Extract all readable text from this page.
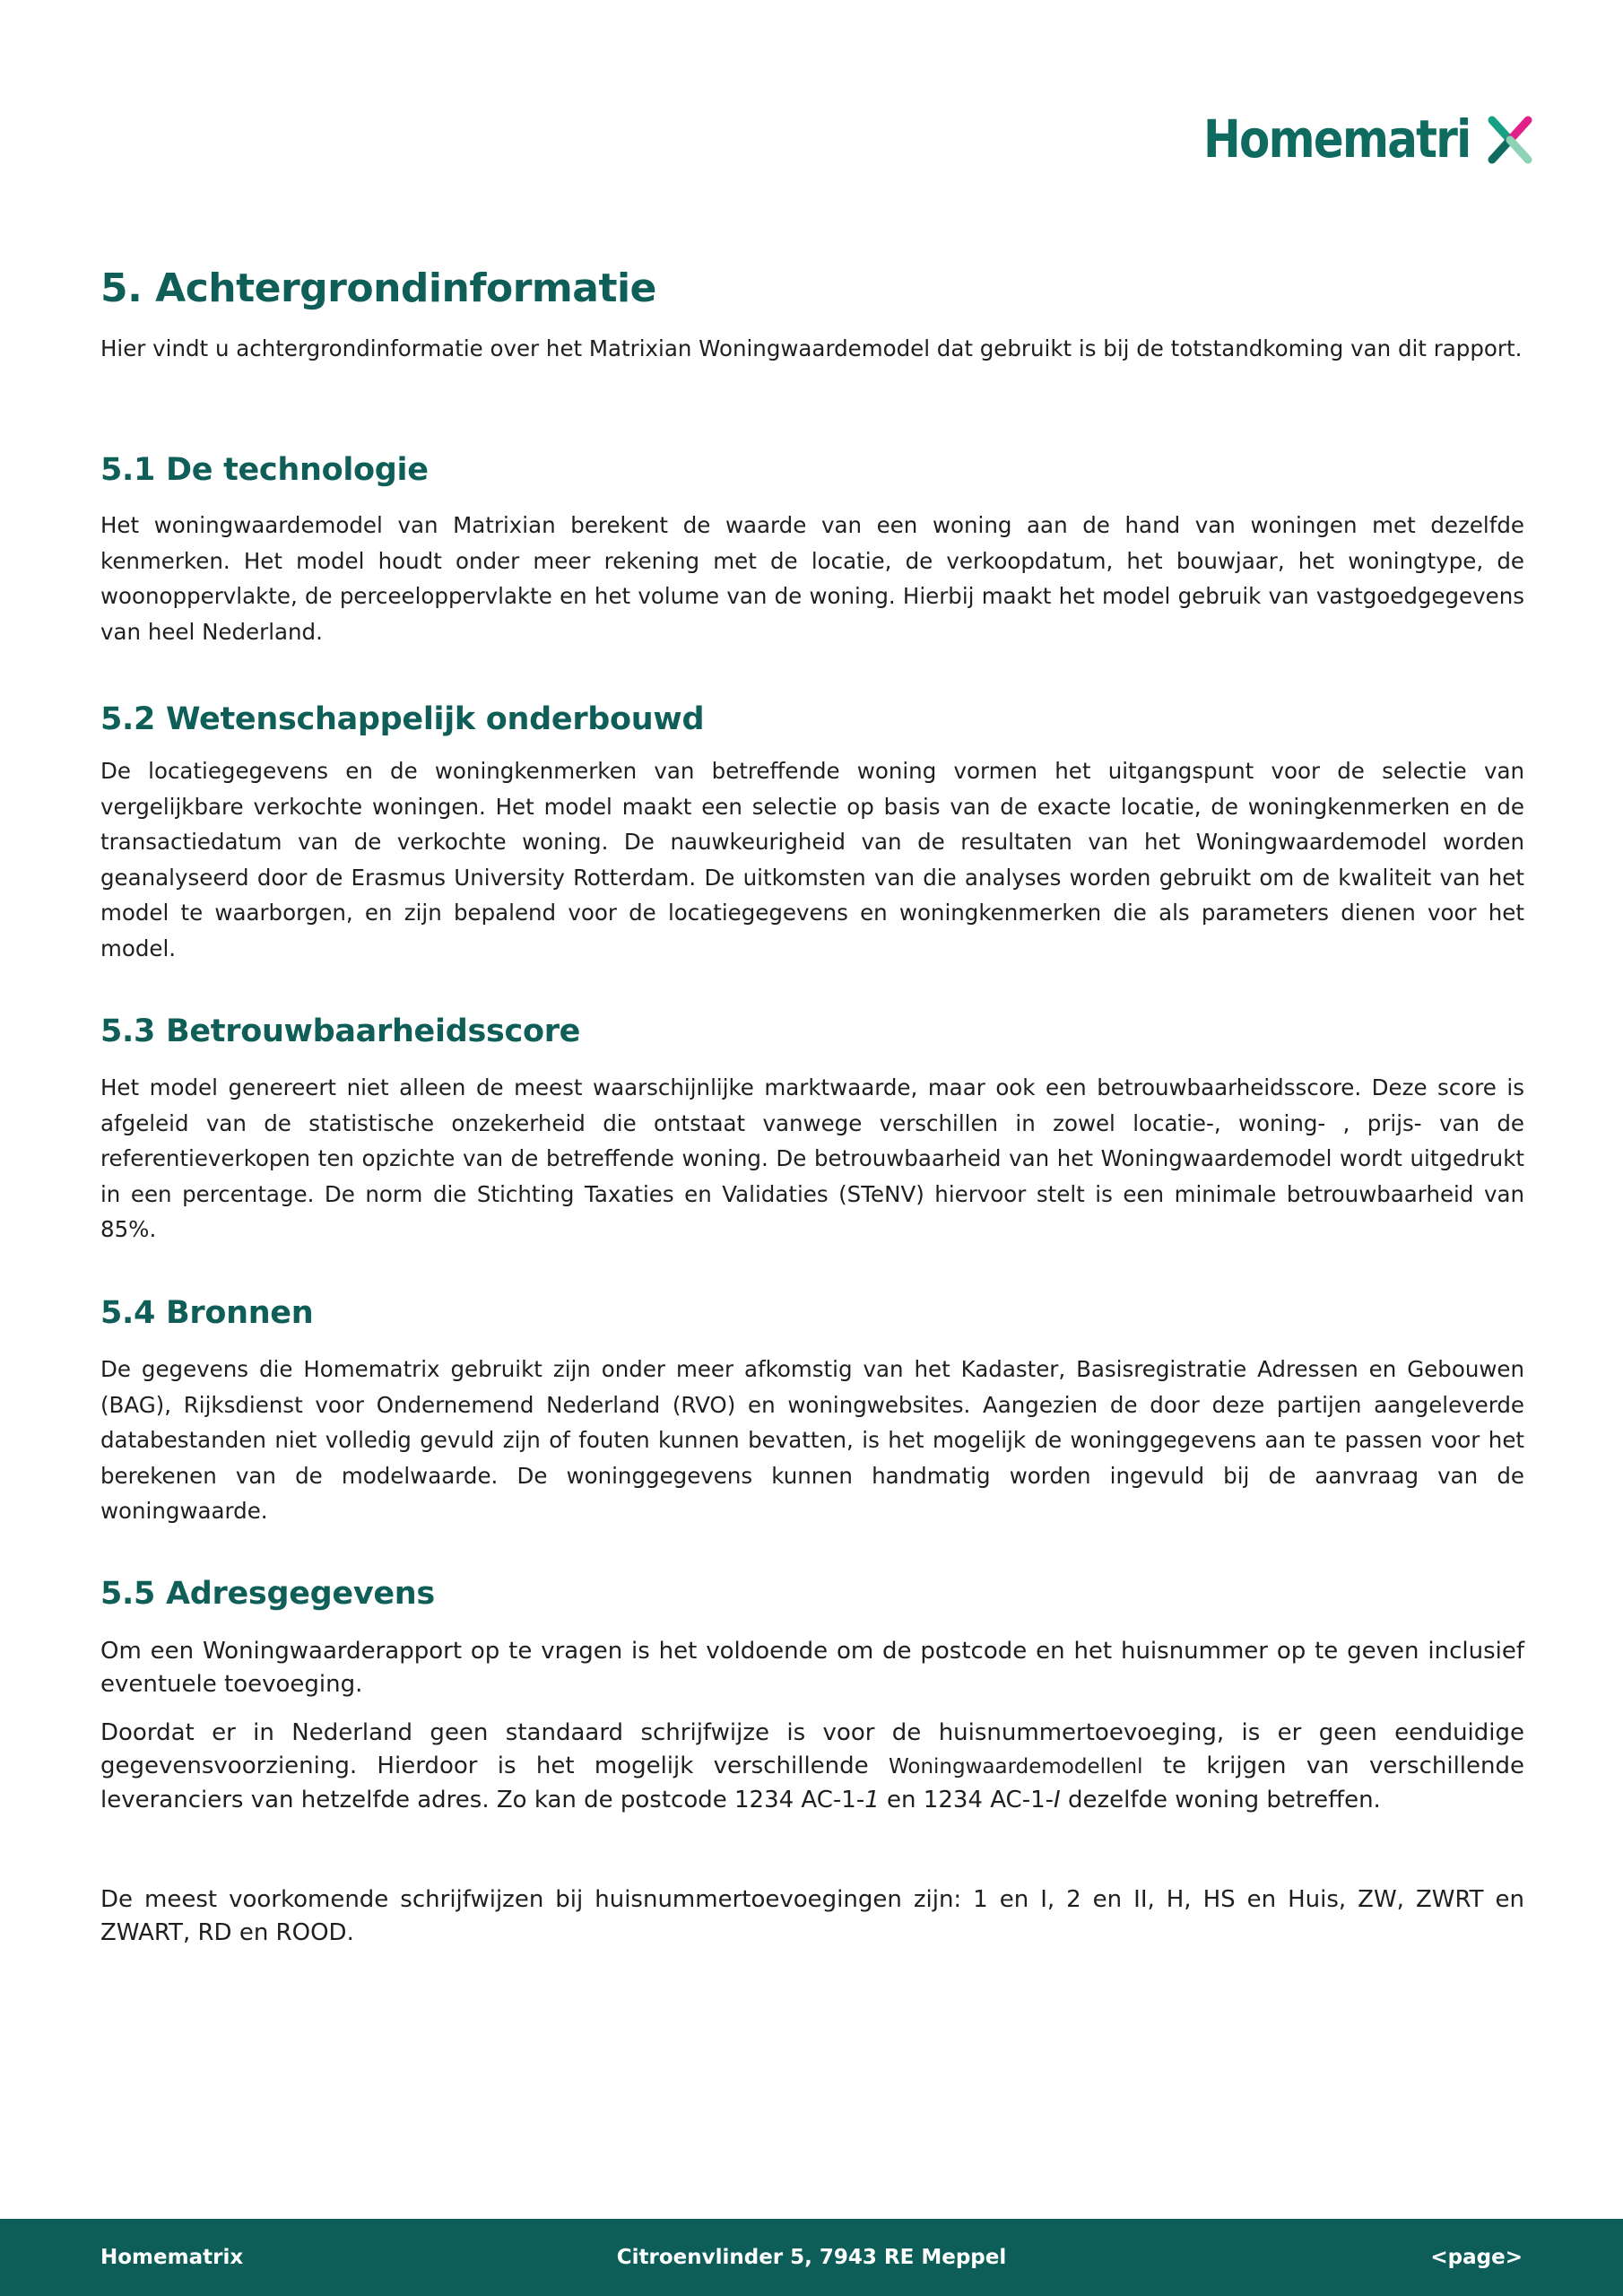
Homematri
5. Achtergrondinformatie

Hier vindt u achtergrondinformatie over het Matrixian Woningwaardemodel dat gebruikt is bij de totstandkoming van dit rapport.

5.1 De technologie

Het woningwaardemodel van Matrixian berekent de waarde van een woning aan de hand van woningen met dezelfde kenmerken. Het model houdt onder meer rekening met de locatie, de verkoopdatum, het bouwjaar, het woningtype, de woonoppervlakte, de perceeloppervlakte en het volume van de woning. Hierbij maakt het model gebruik van vastgoedgegevens van heel Nederland.

5.2 Wetenschappelijk onderbouwd

De locatiegegevens en de woningkenmerken van betreffende woning vormen het uitgangspunt voor de selectie van vergelijkbare verkochte woningen. Het model maakt een selectie op basis van de exacte locatie, de woningkenmerken en de transactiedatum van de verkochte woning. De nauwkeurigheid van de resultaten van het Woningwaardemodel worden geanalyseerd door de Erasmus University Rotterdam. De uitkomsten van die analyses worden gebruikt om de kwaliteit van het model te waarborgen, en zijn bepalend voor de locatiegegevens en woningkenmerken die als parameters dienen voor het model.

5.3 Betrouwbaarheidsscore

Het model genereert niet alleen de meest waarschijnlijke marktwaarde, maar ook een betrouwbaarheidsscore. Deze score is afgeleid van de statistische onzekerheid die ontstaat vanwege verschillen in zowel locatie-, woning- , prijs- van de referentieverkopen ten opzichte van de betreffende woning. De betrouwbaarheid van het Woningwaardemodel wordt uitgedrukt in een percentage. De norm die Stichting Taxaties en Validaties (STeNV) hiervoor stelt is een minimale betrouwbaarheid van 85%.

5.4 Bronnen

De gegevens die Homematrix gebruikt zijn onder meer afkomstig van het Kadaster, Basisregistratie Adressen en Gebouwen (BAG), Rijksdienst voor Ondernemend Nederland (RVO) en woningwebsites. Aangezien de door deze partijen aangeleverde databestanden niet volledig gevuld zijn of fouten kunnen bevatten, is het mogelijk de woninggegevens aan te passen voor het berekenen van de modelwaarde. De woninggegevens kunnen handmatig worden ingevuld bij de aanvraag van de woningwaarde.

5.5 Adresgegevens

Om een Woningwaarderapport op te vragen is het voldoende om de postcode en het huisnummer op te geven inclusief eventuele toevoeging.

Doordat er in Nederland geen standaard schrijfwijze is voor de huisnummertoevoeging, is er geen eenduidige gegevensvoorziening. Hierdoor is het mogelijk verschillende Woningwaardemodellenl te krijgen van verschillende leveranciers van hetzelfde adres. Zo kan de postcode 1234 AC-1-1 en 1234 AC-1-I dezelfde woning betreffen.

De meest voorkomende schrijfwijzen bij huisnummertoevoegingen zijn: 1 en I, 2 en II, H, HS en Huis, ZW, ZWRT en ZWART, RD en ROOD.

Homematrix	Citroenvlinder 5, 7943 RE Meppel	<page>
